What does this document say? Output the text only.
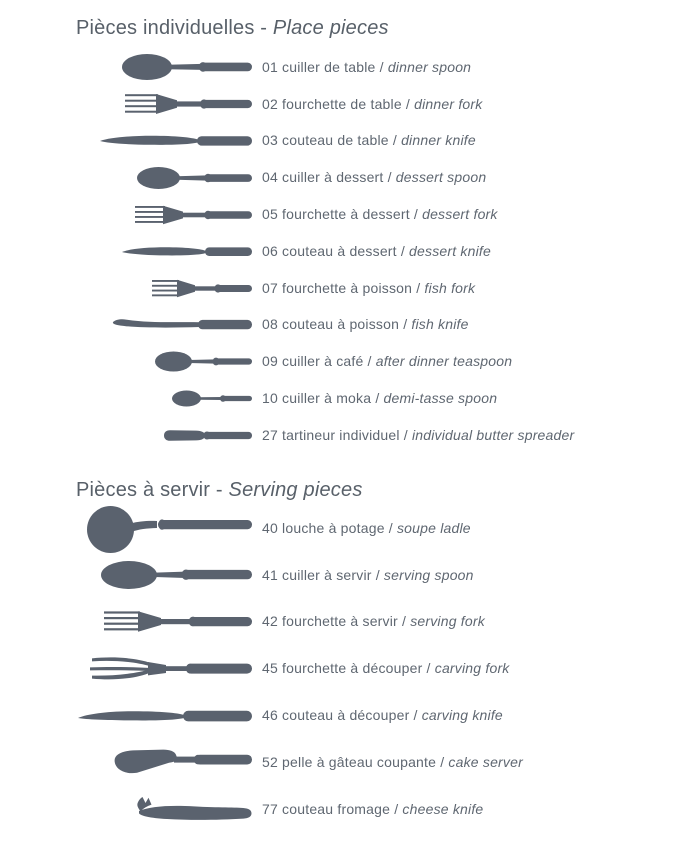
Pièces individuelles - Place pieces
01 cuiller de table / dinner spoon
02 fourchette de table / dinner fork
03 couteau de table / dinner knife
04 cuiller à dessert / dessert spoon
05 fourchette à dessert / dessert fork
06 couteau à dessert / dessert knife
07 fourchette à poisson / fish fork
08 couteau à poisson / fish knife
09 cuiller à café / after dinner teaspoon
10 cuiller à moka / demi-tasse spoon
27 tartineur individuel / individual butter spreader
Pièces à servir - Serving pieces
40 louche à potage / soupe ladle
41 cuiller à servir / serving spoon
42 fourchette à servir / serving fork
45 fourchette à découper / carving fork
46 couteau à découper / carving knife
52 pelle à gâteau coupante / cake server
77 couteau fromage / cheese knife
